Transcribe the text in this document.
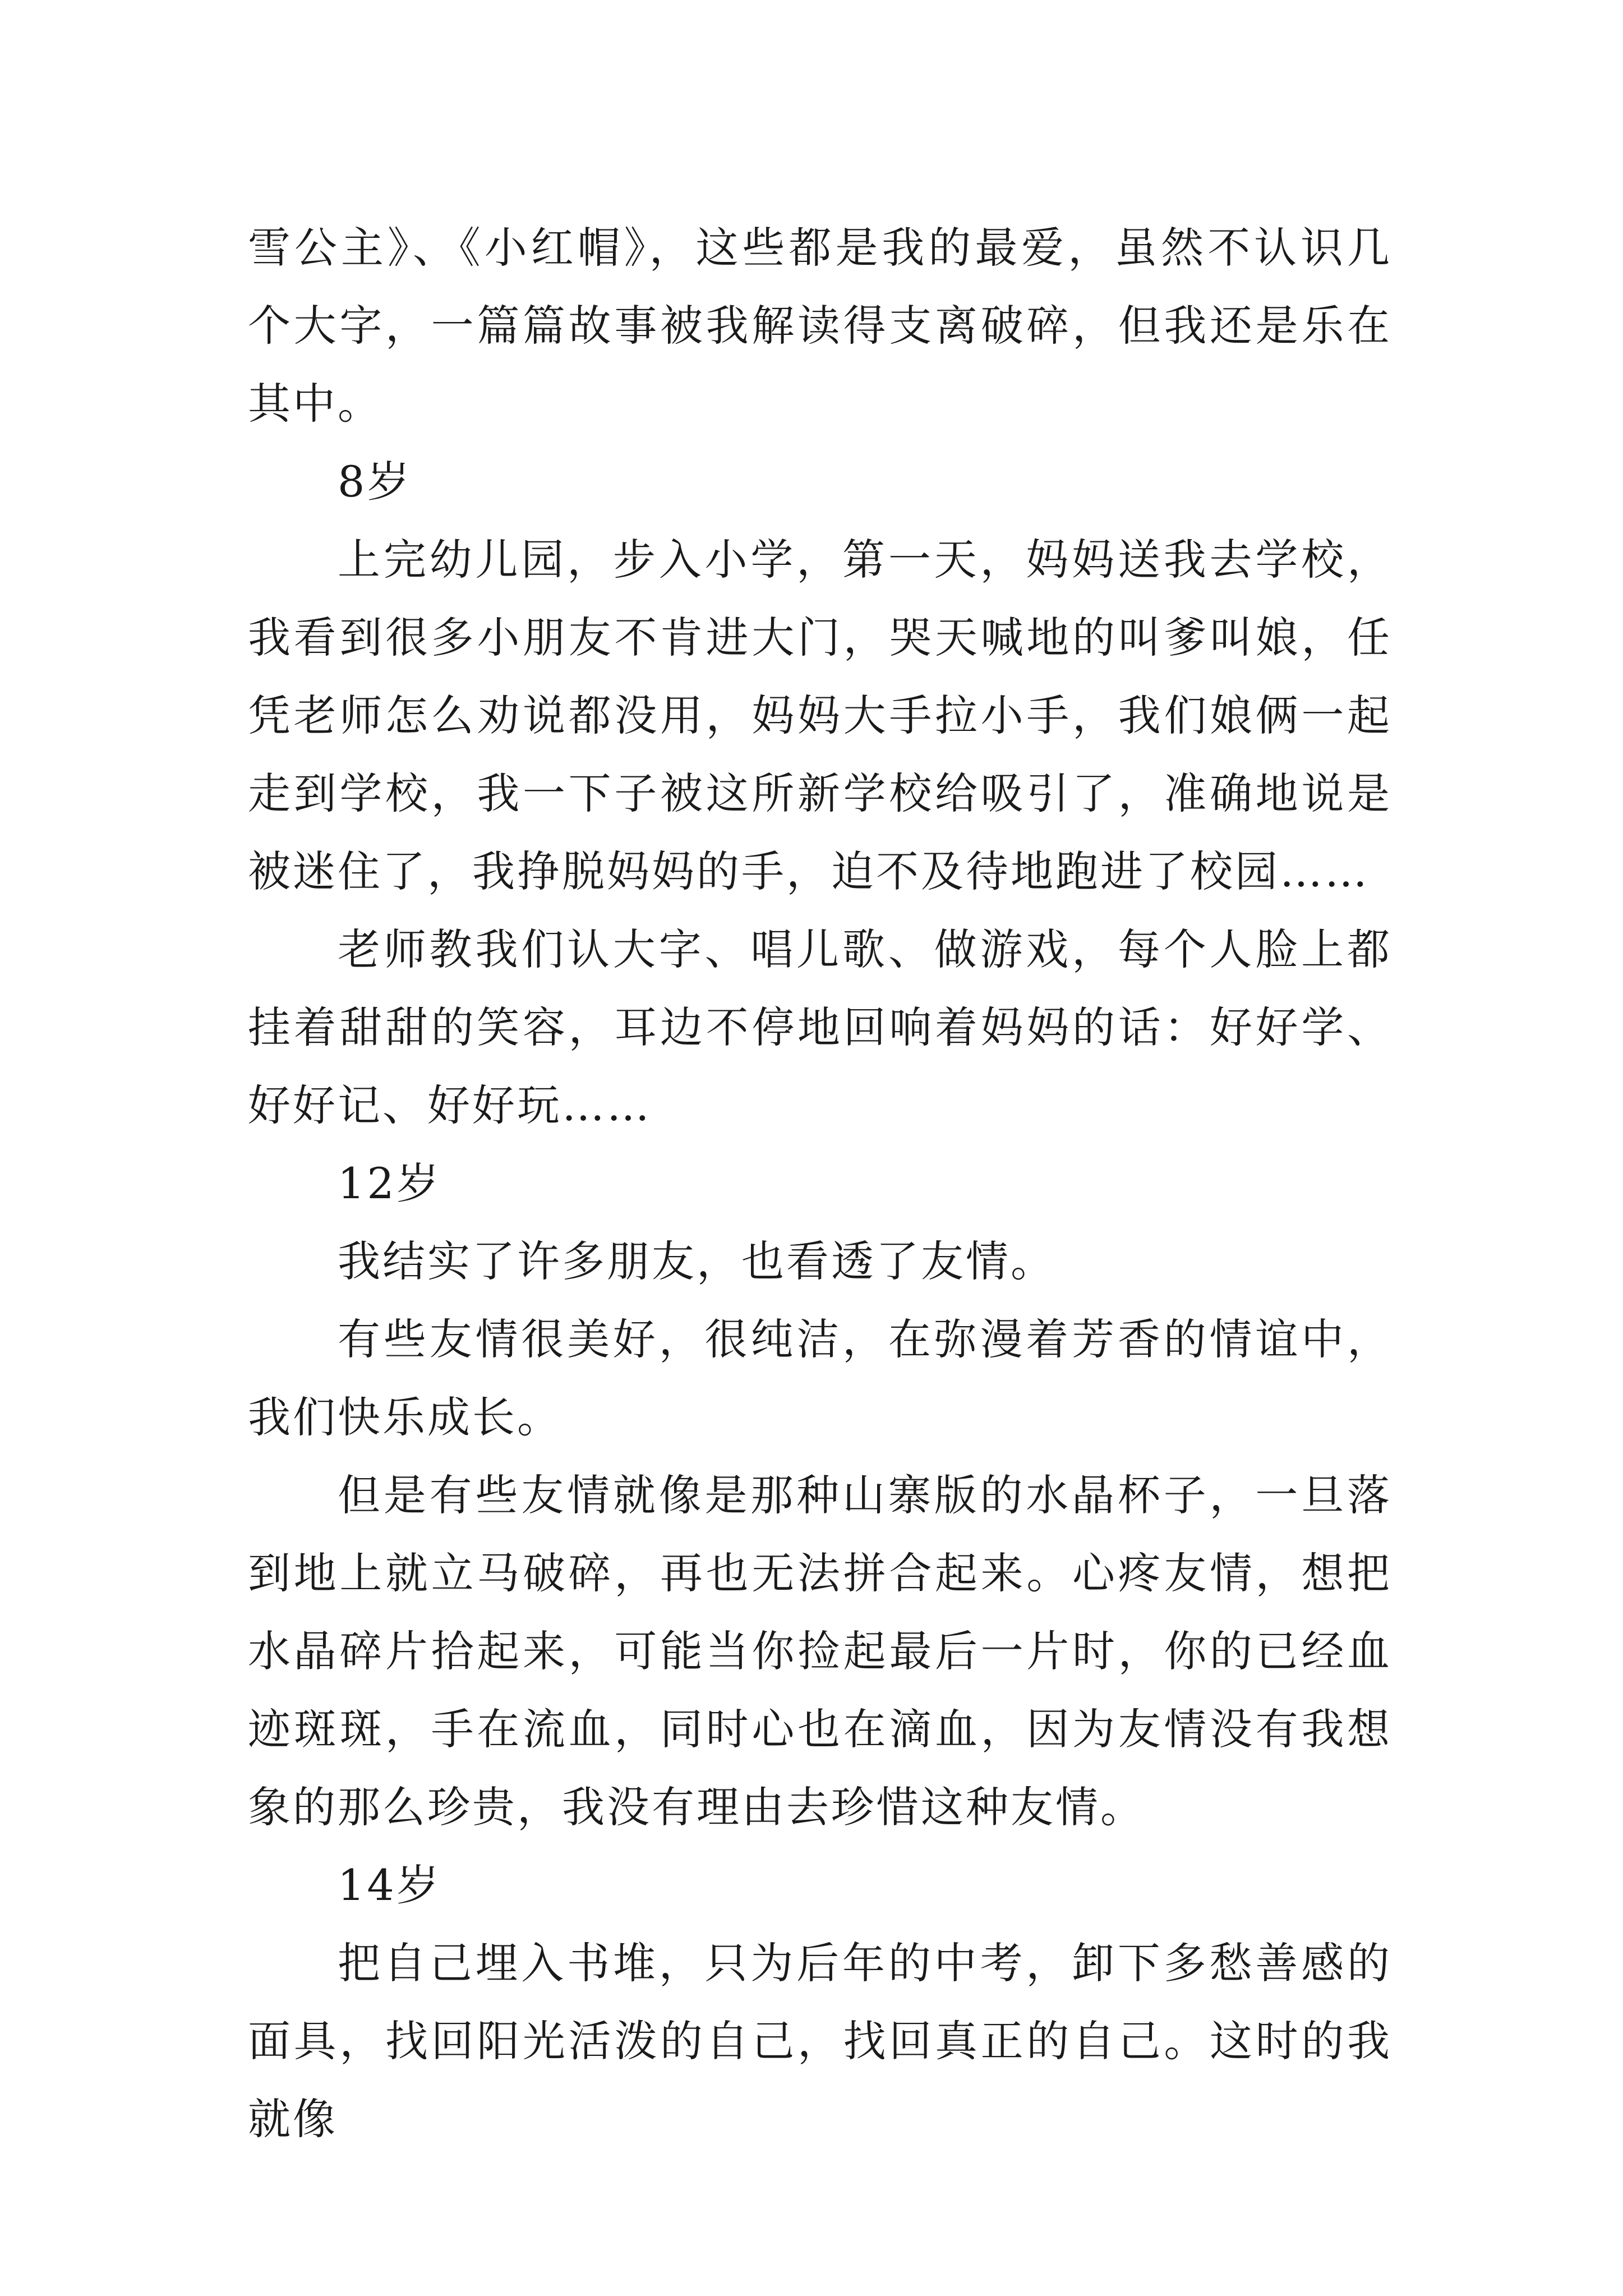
雪公主》、《小红帽》，这些都是我的最爱，虽然不认识几个大字，一篇篇故事被我解读得支离破碎，但我还是乐在其中。

8岁

上完幼儿园，步入小学，第一天，妈妈送我去学校，我看到很多小朋友不肯进大门，哭天喊地的叫爹叫娘，任凭老师怎么劝说都没用，妈妈大手拉小手，我们娘俩一起走到学校，我一下子被这所新学校给吸引了，准确地说是被迷住了，我挣脱妈妈的手，迫不及待地跑进了校园……

老师教我们认大字、唱儿歌、做游戏，每个人脸上都挂着甜甜的笑容，耳边不停地回响着妈妈的话：好好学、好好记、好好玩……

12岁

我结实了许多朋友，也看透了友情。

有些友情很美好，很纯洁，在弥漫着芳香的情谊中，我们快乐成长。

但是有些友情就像是那种山寨版的水晶杯子，一旦落到地上就立马破碎，再也无法拼合起来。心疼友情，想把水晶碎片拾起来，可能当你捡起最后一片时，你的已经血迹斑斑，手在流血，同时心也在滴血，因为友情没有我想象的那么珍贵，我没有理由去珍惜这种友情。

14岁

把自己埋入书堆，只为后年的中考，卸下多愁善感的面具，找回阳光活泼的自己，找回真正的自己。这时的我就像
